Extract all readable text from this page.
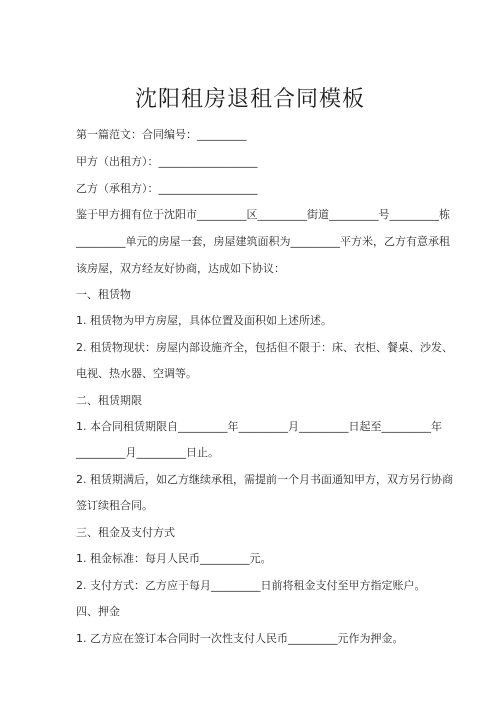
沈阳租房退租合同模板
第一篇范文：合同编号：_________
甲方（出租方）：__________________
乙方（承租方）：__________________
鉴于甲方拥有位于沈阳市_________区_________街道_________号_________栋
_________单元的房屋一套，房屋建筑面积为_________平方米，乙方有意承租
该房屋，双方经友好协商，达成如下协议：
一、租赁物
1. 租赁物为甲方房屋，具体位置及面积如上述所述。
2. 租赁物现状：房屋内部设施齐全，包括但不限于：床、衣柜、餐桌、沙发、
电视、热水器、空调等。
二、租赁期限
1. 本合同租赁期限自_________年_________月_________日起至_________年
_________月_________日止。
2. 租赁期满后，如乙方继续承租，需提前一个月书面通知甲方，双方另行协商
签订续租合同。
三、租金及支付方式
1. 租金标准：每月人民币_________元。
2. 支付方式：乙方应于每月_________日前将租金支付至甲方指定账户。
四、押金
1. 乙方应在签订本合同时一次性支付人民币_________元作为押金。
